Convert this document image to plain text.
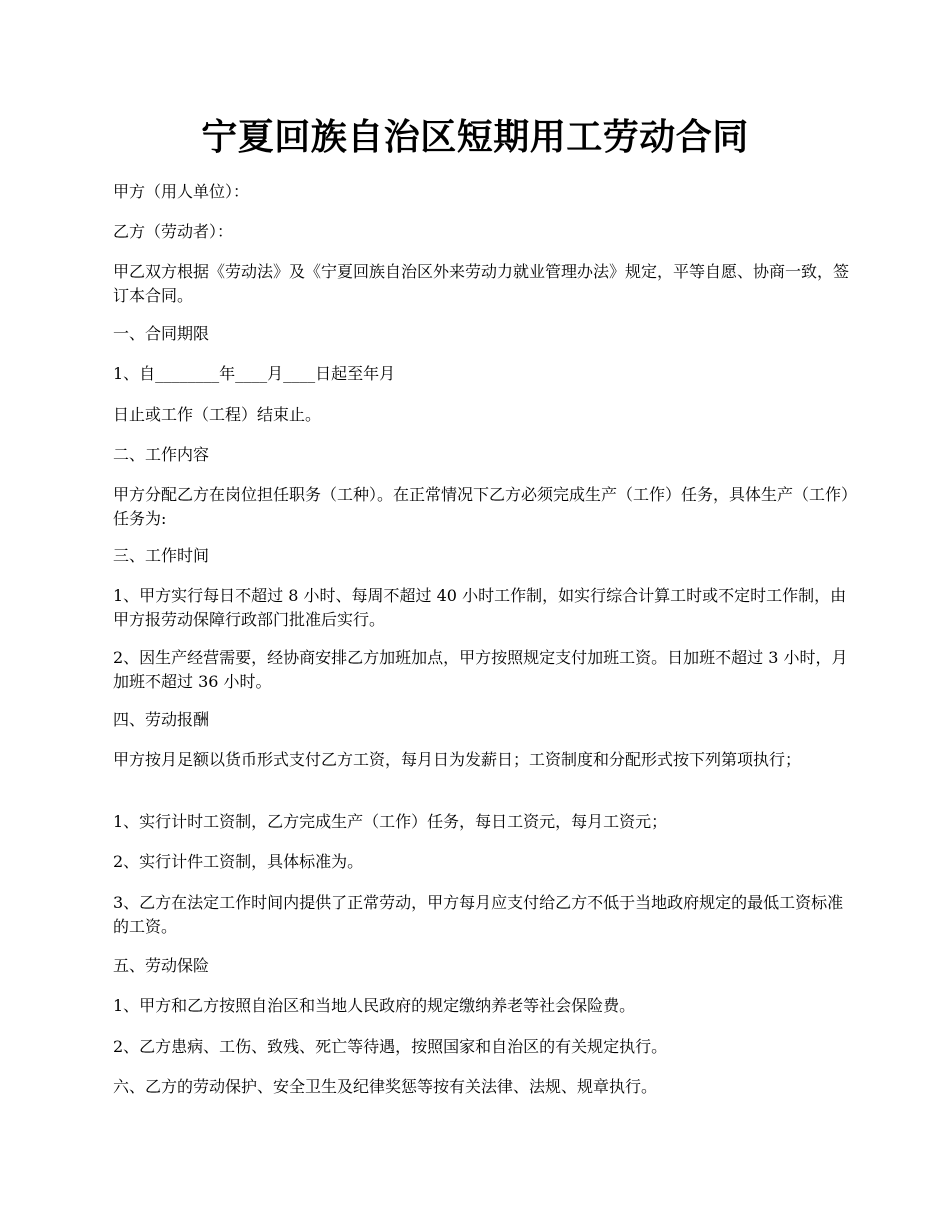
宁夏回族自治区短期用工劳动合同

甲方（用人单位）：

乙方（劳动者）：

甲乙双方根据《劳动法》及《宁夏回族自治区外来劳动力就业管理办法》规定，平等自愿、协商一致，签订本合同。

一、合同期限

1、自________年____月____日起至年月

日止或工作（工程）结束止。

二、工作内容

甲方分配乙方在岗位担任职务（工种）。在正常情况下乙方必须完成生产（工作）任务，具体生产（工作）任务为:

三、工作时间

1、甲方实行每日不超过 8 小时、每周不超过 40 小时工作制，如实行综合计算工时或不定时工作制，由甲方报劳动保障行政部门批准后实行。

2、因生产经营需要，经协商安排乙方加班加点，甲方按照规定支付加班工资。日加班不超过 3 小时，月加班不超过 36 小时。

四、劳动报酬

甲方按月足额以货币形式支付乙方工资，每月日为发薪日；工资制度和分配形式按下列第项执行；

1、实行计时工资制，乙方完成生产（工作）任务，每日工资元，每月工资元；

2、实行计件工资制，具体标准为。

3、乙方在法定工作时间内提供了正常劳动，甲方每月应支付给乙方不低于当地政府规定的最低工资标准的工资。

五、劳动保险

1、甲方和乙方按照自治区和当地人民政府的规定缴纳养老等社会保险费。

2、乙方患病、工伤、致残、死亡等待遇，按照国家和自治区的有关规定执行。

六、乙方的劳动保护、安全卫生及纪律奖惩等按有关法律、法规、规章执行。
